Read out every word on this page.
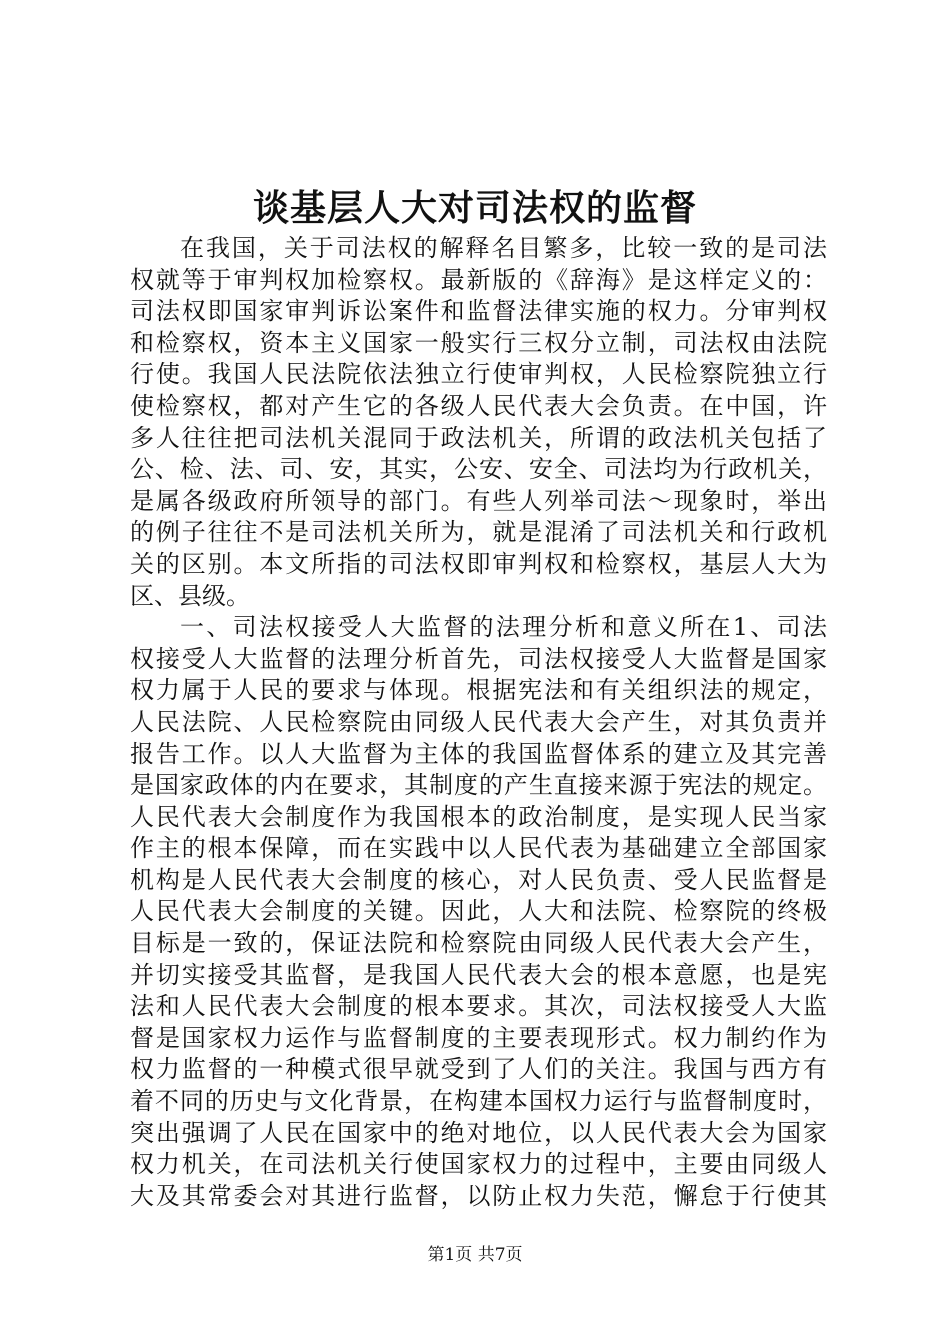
谈基层人大对司法权的监督
在我国，关于司法权的解释名目繁多，比较一致的是司法
权就等于审判权加检察权。最新版的《辞海》是这样定义的：
司法权即国家审判诉讼案件和监督法律实施的权力。分审判权
和检察权，资本主义国家一般实行三权分立制，司法权由法院
行使。我国人民法院依法独立行使审判权，人民检察院独立行
使检察权，都对产生它的各级人民代表大会负责。在中国，许
多人往往把司法机关混同于政法机关，所谓的政法机关包括了
公、检、法、司、安，其实，公安、安全、司法均为行政机关，
是属各级政府所领导的部门。有些人列举司法～现象时，举出
的例子往往不是司法机关所为，就是混淆了司法机关和行政机
关的区别。本文所指的司法权即审判权和检察权，基层人大为
区、县级。
一、司法权接受人大监督的法理分析和意义所在1、司法
权接受人大监督的法理分析首先，司法权接受人大监督是国家
权力属于人民的要求与体现。根据宪法和有关组织法的规定，
人民法院、人民检察院由同级人民代表大会产生，对其负责并
报告工作。以人大监督为主体的我国监督体系的建立及其完善
是国家政体的内在要求，其制度的产生直接来源于宪法的规定。
人民代表大会制度作为我国根本的政治制度，是实现人民当家
作主的根本保障，而在实践中以人民代表为基础建立全部国家
机构是人民代表大会制度的核心，对人民负责、受人民监督是
人民代表大会制度的关键。因此，人大和法院、检察院的终极
目标是一致的，保证法院和检察院由同级人民代表大会产生，
并切实接受其监督，是我国人民代表大会的根本意愿，也是宪
法和人民代表大会制度的根本要求。其次，司法权接受人大监
督是国家权力运作与监督制度的主要表现形式。权力制约作为
权力监督的一种模式很早就受到了人们的关注。我国与西方有
着不同的历史与文化背景，在构建本国权力运行与监督制度时，
突出强调了人民在国家中的绝对地位，以人民代表大会为国家
权力机关，在司法机关行使国家权力的过程中，主要由同级人
大及其常委会对其进行监督，以防止权力失范，懈怠于行使其
第1页 共7页
